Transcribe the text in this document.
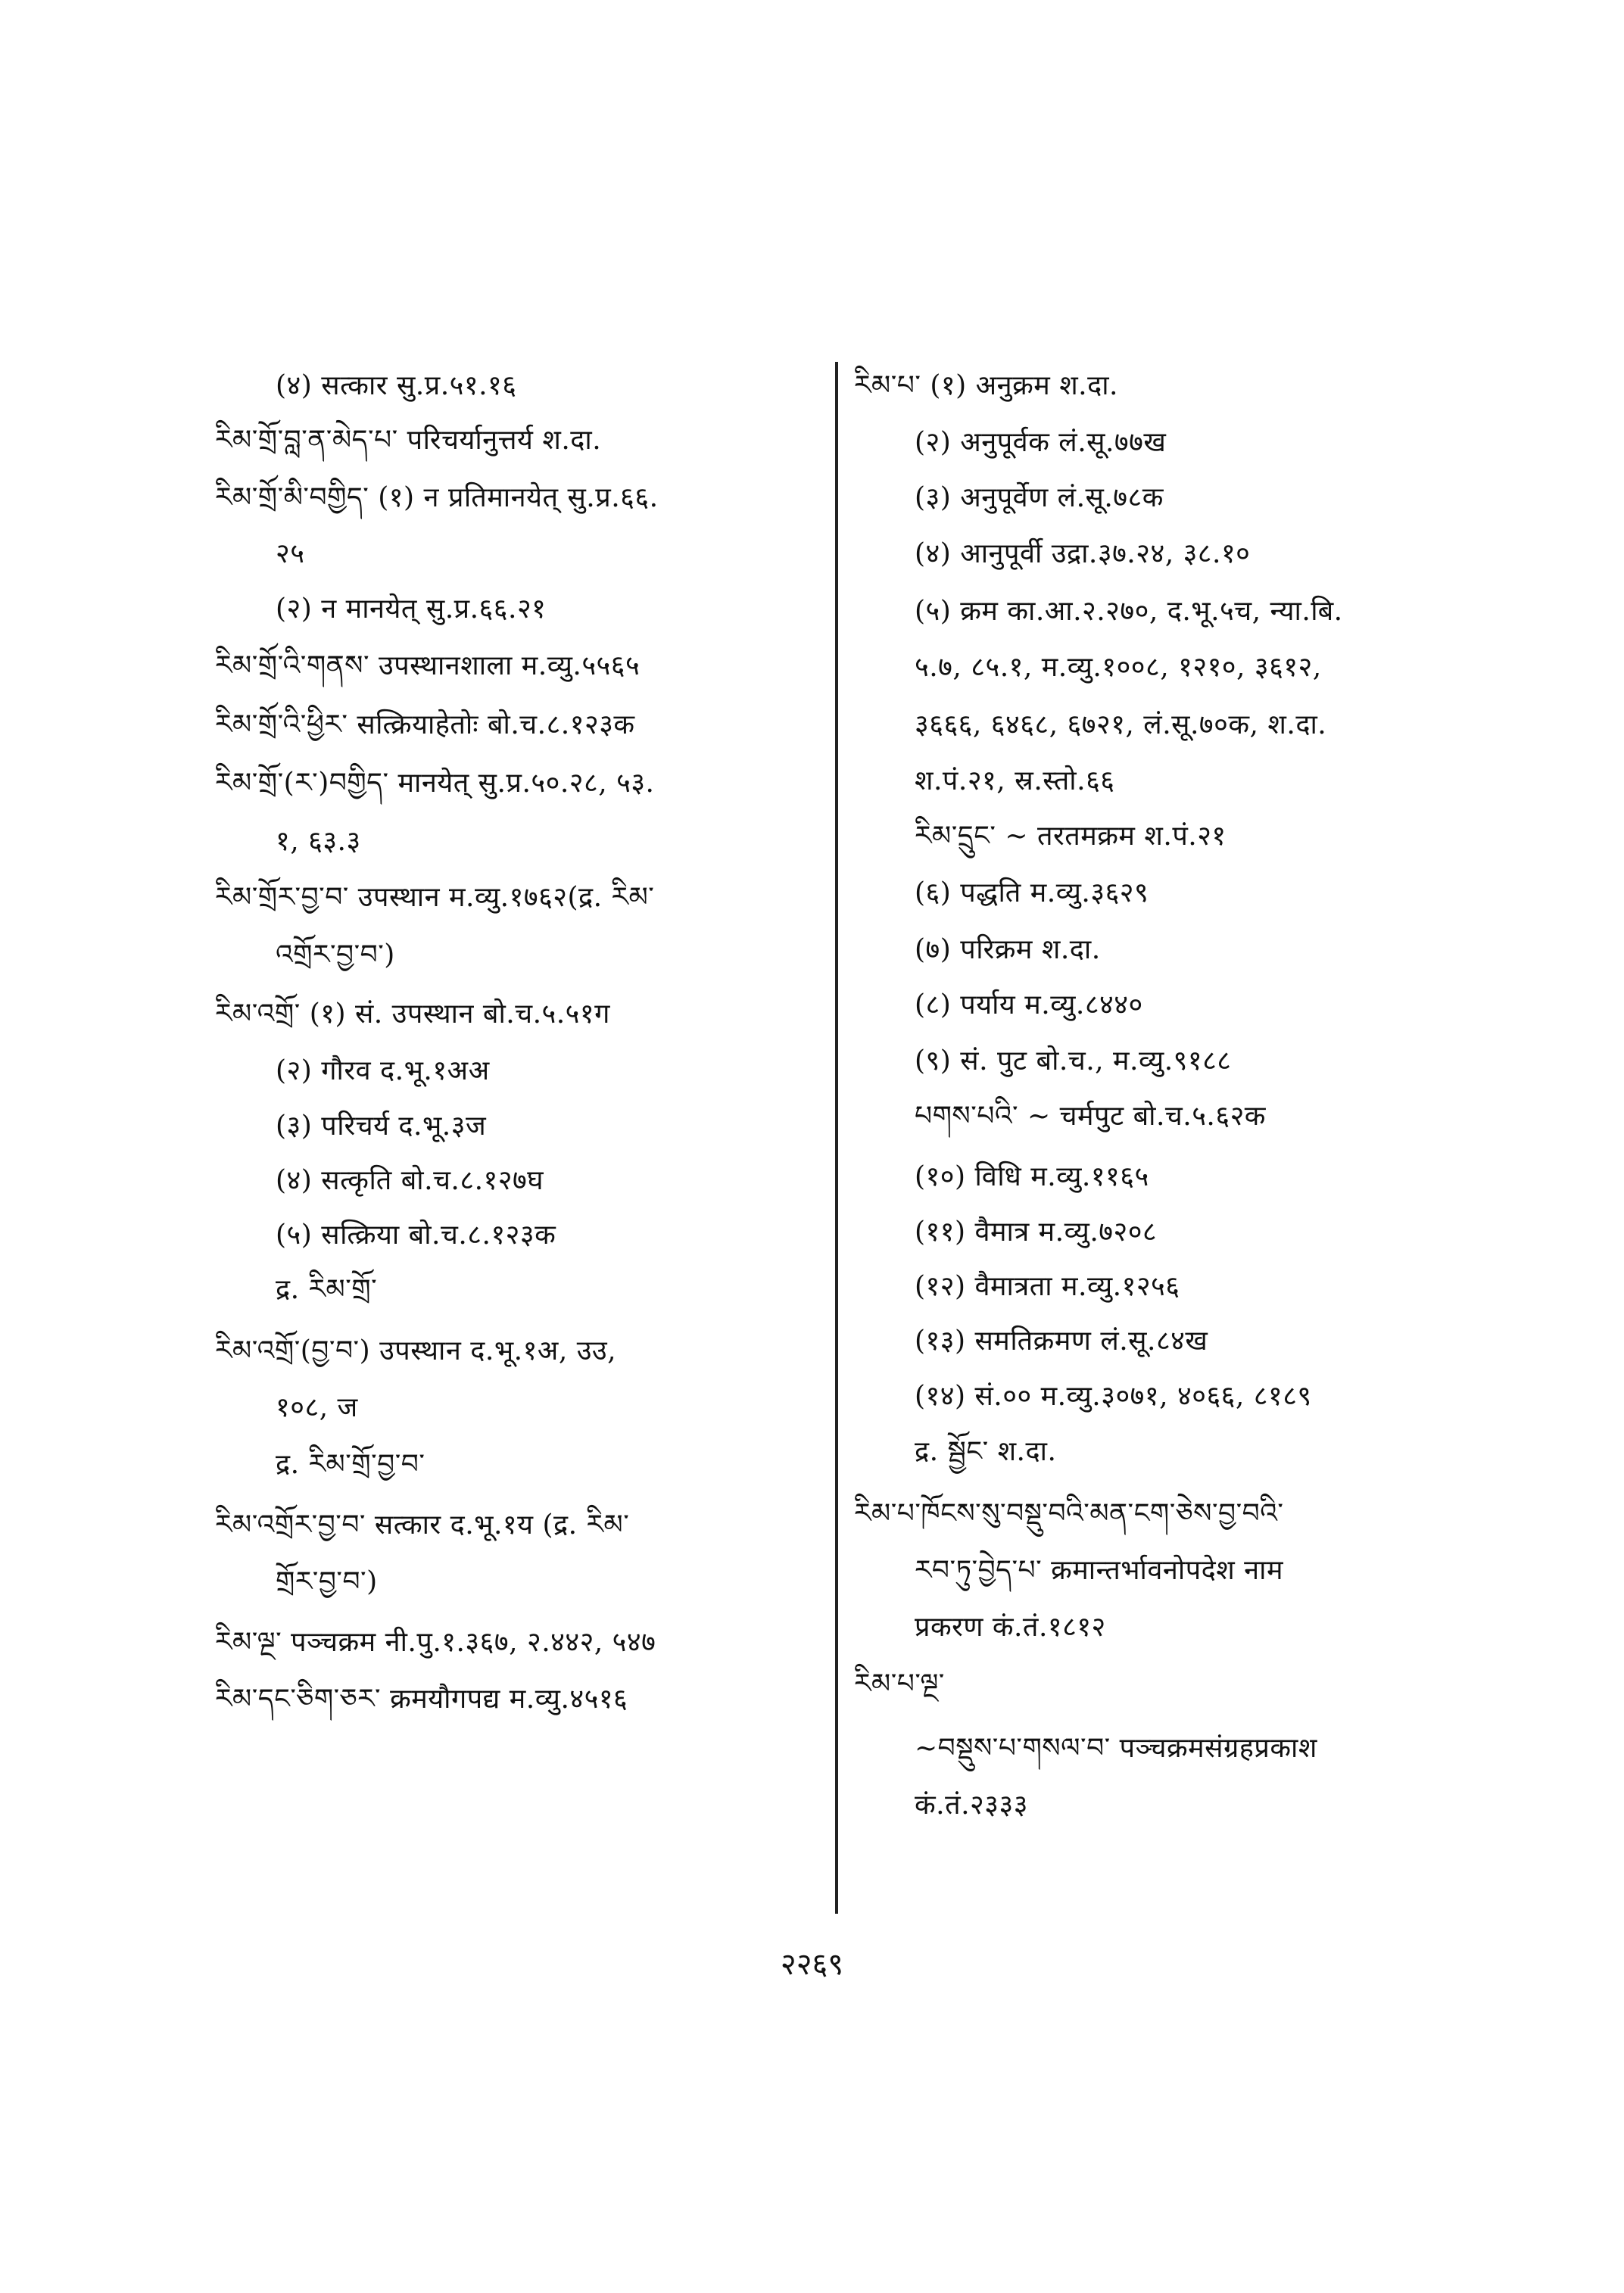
(४) सत्कार सु.प्र.५१.१६
རིམ་གྲོ་བླ་ན་མེད་པ་ परिचर्यानुत्तर्य श.दा.
རིམ་གྲོ་མི་བགྱིད་ (१) न प्रतिमानयेत् सु.प्र.६६.
२५
(२) न मानयेत् सु.प्र.६६.२१
རིམ་གྲོ་འི་གནས་ उपस्थानशाला म.व्यु.५५६५
རིམ་གྲོ་འི་ཕྱིར་ सत्क्रियाहेतोः बो.च.८.१२३क
རིམ་གྲོ་(ར་)བགྱིད་ मानयेत् सु.प्र.५०.२८, ५३.
१, ६३.३
རིམ་གྲོར་བྱ་བ་ उपस्थान म.व्यु.१७६२(द्र. རིམ་
འགྲོར་བྱ་བ་)
རིམ་འགྲོ་ (१) सं. उपस्थान बो.च.५.५१ग
(२) गौरव द.भू.१अअ
(३) परिचर्य द.भू.३ज
(४) सत्कृति बो.च.८.१२७घ
(५) सत्क्रिया बो.च.८.१२३क
द्र. རིམ་གྲོ་
རིམ་འགྲོ་(བྱ་བ་) उपस्थान द.भू.१अ, उउ,
१०८, ज
द्र. རིམ་གྲོ་བྱ་བ་
རིམ་འགྲོར་བྱ་བ་ सत्कार द.भू.१य (द्र. རིམ་
གྲོར་བྱ་བ་)
རིམ་ལྔ་ पञ्चक्रम नी.पु.१.३६७, २.४४२, ५४७
རིམ་དང་ཅིག་ཅར་ क्रमयौगपद्य म.व्यु.४५१६
རིམ་པ་ (१) अनुक्रम श.दा.
(२) अनुपूर्वक लं.सू.७७ख
(३) अनुपूर्वेण लं.सू.७८क
(४) आनुपूर्वी उद्रा.३७.२४, ३८.१०
(५) क्रम का.आ.२.२७०, द.भू.५च, न्या.बि.
५.७, ८५.१, म.व्यु.१००८, १२१०, ३६१२,
३६६६, ६४६८, ६७२१, लं.सू.७०क, श.दा.
श.पं.२१, स्र.स्तो.६६
རིམ་དྲུང་ ~ तरतमक्रम श.पं.२१
(६) पद्धति म.व्यु.३६२९
(७) परिक्रम श.दा.
(८) पर्याय म.व्यु.८४४०
(९) सं. पुट बो.च., म.व्यु.९१८८
པགས་པའི་ ~ चर्मपुट बो.च.५.६२क
(१०) विधि म.व्यु.११६५
(११) वैमात्र म.व्यु.७२०८
(१२) वैमात्रता म.व्यु.१२५६
(१३) समतिक्रमण लं.सू.८४ख
(१४) सं.०० म.व्यु.३०७१, ४०६६, ८१८९
द्र. སྦྱོང་ श.दा.
རིམ་པ་ཁོངས་སུ་བསྡུ་བའི་མན་ངག་ཅེས་བྱ་བའི་
རབ་ཏུ་བྱེད་པ་ क्रमान्तर्भावनोपदेश नाम
प्रकरण कं.तं.१८१२
རིམ་པ་ལྔ་
~བསྡུས་པ་གསལ་བ་ पञ्चक्रमसंग्रहप्रकाश
कं.तं.२३३३
२२६९
